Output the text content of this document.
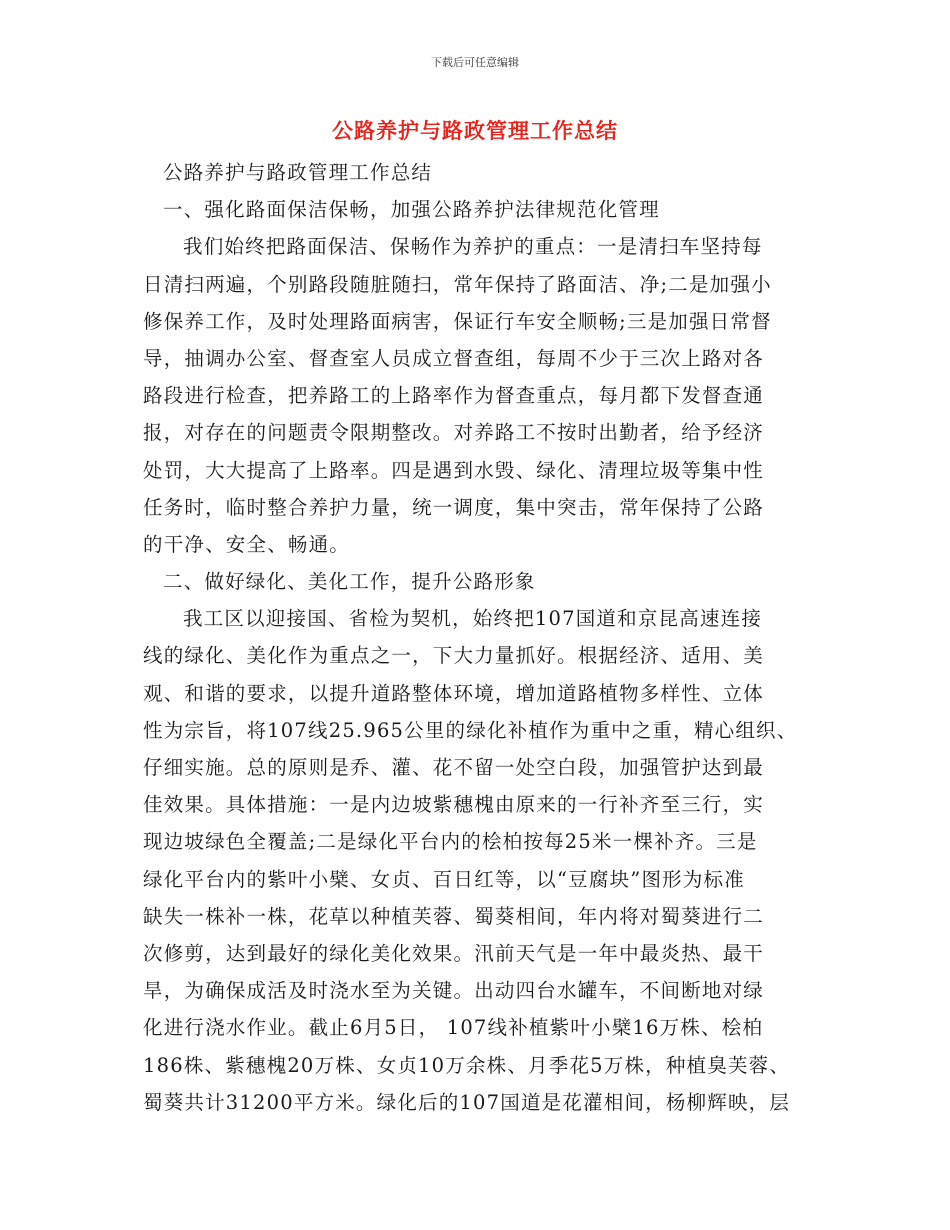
下载后可任意编辑
公路养护与路政管理工作总结
公路养护与路政管理工作总结
一、强化路面保洁保畅，加强公路养护法律规范化管理
我们始终把路面保洁、保畅作为养护的重点：一是清扫车坚持每
日清扫两遍，个别路段随脏随扫，常年保持了路面洁、净;二是加强小
修保养工作，及时处理路面病害，保证行车安全顺畅;三是加强日常督
导，抽调办公室、督查室人员成立督查组，每周不少于三次上路对各
路段进行检查，把养路工的上路率作为督查重点，每月都下发督查通
报，对存在的问题责令限期整改。对养路工不按时出勤者，给予经济
处罚，大大提高了上路率。四是遇到水毁、绿化、清理垃圾等集中性
任务时，临时整合养护力量，统一调度，集中突击，常年保持了公路
的干净、安全、畅通。
二、做好绿化、美化工作，提升公路形象
我工区以迎接国、省检为契机，始终把107国道和京昆高速连接
线的绿化、美化作为重点之一，下大力量抓好。根据经济、适用、美
观、和谐的要求，以提升道路整体环境，增加道路植物多样性、立体
性为宗旨，将107线25.965公里的绿化补植作为重中之重，精心组织、
仔细实施。总的原则是乔、灌、花不留一处空白段，加强管护达到最
佳效果。具体措施：一是内边坡紫穗槐由原来的一行补齐至三行，实
现边坡绿色全覆盖;二是绿化平台内的桧柏按每25米一棵补齐。三是
绿化平台内的紫叶小檗、女贞、百日红等，以“豆腐块”图形为标准
缺失一株补一株，花草以种植芙蓉、蜀葵相间，年内将对蜀葵进行二
次修剪，达到最好的绿化美化效果。汛前天气是一年中最炎热、最干
旱，为确保成活及时浇水至为关键。出动四台水罐车，不间断地对绿
化进行浇水作业。截止6月5日， 107线补植紫叶小檗16万株、桧柏
186株、紫穗槐20万株、女贞10万余株、月季花5万株，种植臭芙蓉、
蜀葵共计31200平方米。绿化后的107国道是花灌相间，杨柳辉映，层
